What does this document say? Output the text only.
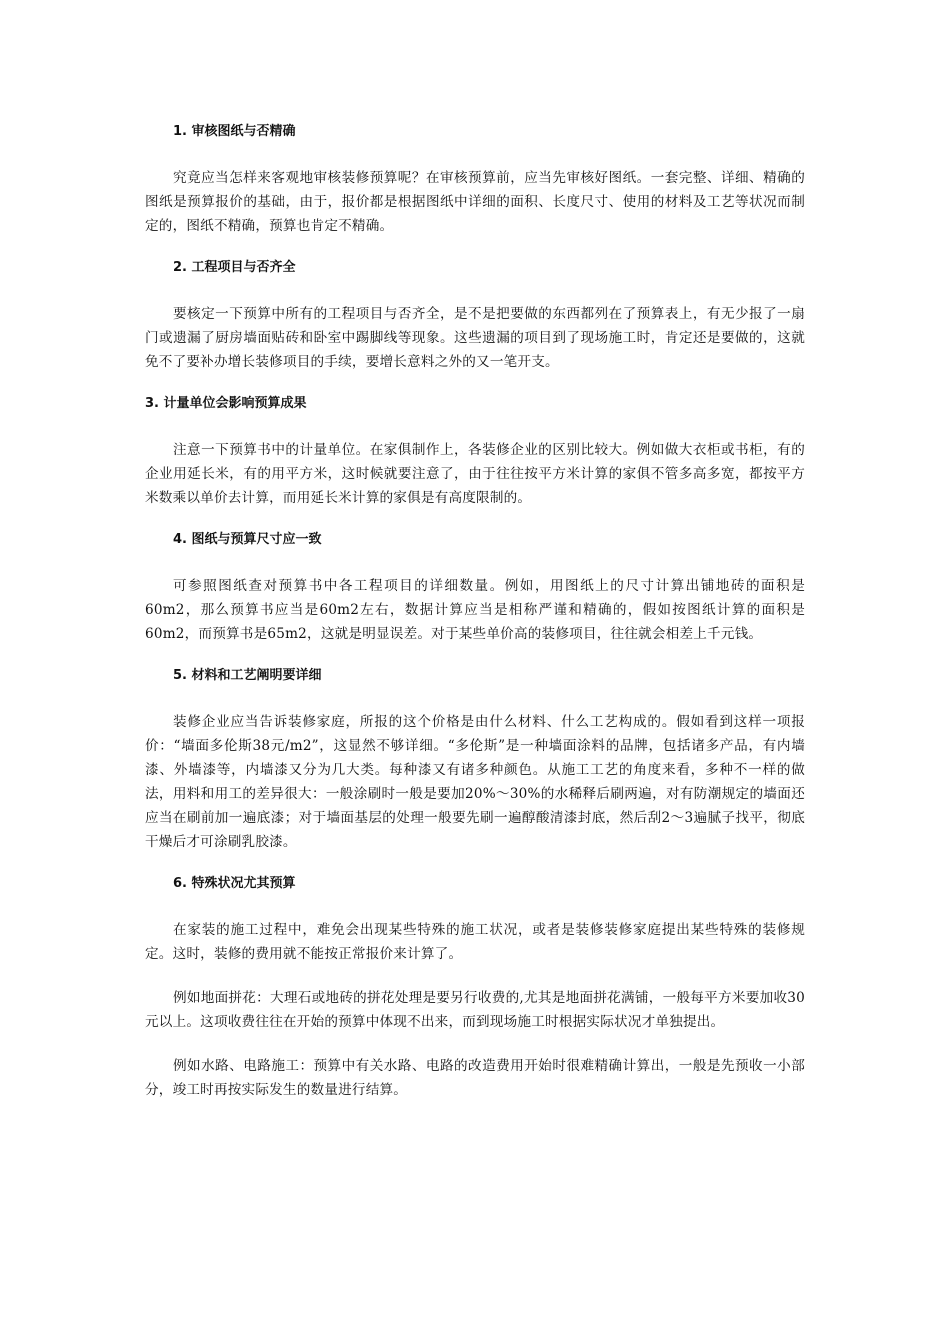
1. 审核图纸与否精确

究竟应当怎样来客观地审核装修预算呢？在审核预算前，应当先审核好图纸。一套完整、详细、精确的图纸是预算报价的基础，由于，报价都是根据图纸中详细的面积、长度尺寸、使用的材料及工艺等状况而制定的，图纸不精确，预算也肯定不精确。

2. 工程项目与否齐全

要核定一下预算中所有的工程项目与否齐全，是不是把要做的东西都列在了预算表上，有无少报了一扇门或遗漏了厨房墙面贴砖和卧室中踢脚线等现象。这些遗漏的项目到了现场施工时，肯定还是要做的，这就免不了要补办增长装修项目的手续，要增长意料之外的又一笔开支。

3. 计量单位会影响预算成果

注意一下预算书中的计量单位。在家俱制作上，各装修企业的区别比较大。例如做大衣柜或书柜，有的企业用延长米，有的用平方米，这时候就要注意了，由于往往按平方米计算的家俱不管多高多宽，都按平方米数乘以单价去计算，而用延长米计算的家俱是有高度限制的。

4. 图纸与预算尺寸应一致

可参照图纸查对预算书中各工程项目的详细数量。例如，用图纸上的尺寸计算出铺地砖的面积是60m2，那么预算书应当是60m2左右，数据计算应当是相称严谨和精确的，假如按图纸计算的面积是60m2，而预算书是65m2，这就是明显误差。对于某些单价高的装修项目，往往就会相差上千元钱。

5. 材料和工艺阐明要详细

装修企业应当告诉装修家庭，所报的这个价格是由什么材料、什么工艺构成的。假如看到这样一项报价：“墙面多伦斯38元/m2”，这显然不够详细。“多伦斯”是一种墙面涂料的品牌，包括诸多产品，有内墙漆、外墙漆等，内墙漆又分为几大类。每种漆又有诸多种颜色。从施工工艺的角度来看，多种不一样的做法，用料和用工的差异很大：一般涂刷时一般是要加20%～30%的水稀释后刷两遍，对有防潮规定的墙面还应当在刷前加一遍底漆；对于墙面基层的处理一般要先刷一遍醇酸清漆封底，然后刮2～3遍腻子找平，彻底干燥后才可涂刷乳胶漆。

6. 特殊状况尤其预算

在家装的施工过程中，难免会出现某些特殊的施工状况，或者是装修装修家庭提出某些特殊的装修规定。这时，装修的费用就不能按正常报价来计算了。

例如地面拼花：大理石或地砖的拼花处理是要另行收费的,尤其是地面拼花满铺，一般每平方米要加收30元以上。这项收费往往在开始的预算中体现不出来，而到现场施工时根据实际状况才单独提出。

例如水路、电路施工：预算中有关水路、电路的改造费用开始时很难精确计算出，一般是先预收一小部分，竣工时再按实际发生的数量进行结算。
